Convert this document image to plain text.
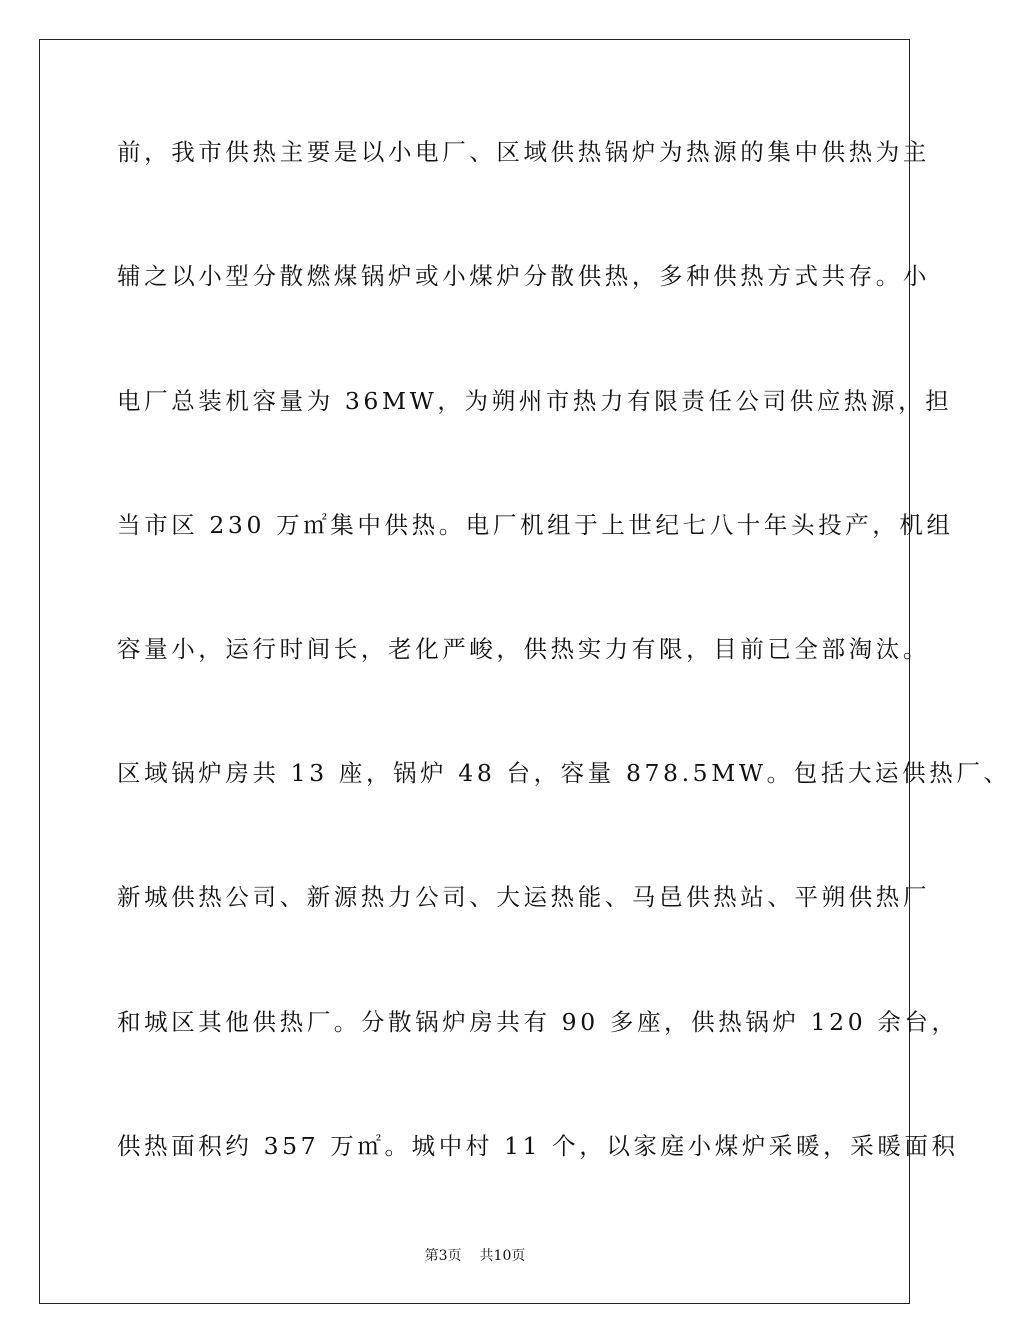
前，我市供热主要是以小电厂、区域供热锅炉为热源的集中供热为主

辅之以小型分散燃煤锅炉或小煤炉分散供热，多种供热方式共存。小

电厂总装机容量为 36MW，为朔州市热力有限责任公司供应热源，担

当市区 230 万㎡集中供热。电厂机组于上世纪七八十年头投产，机组

容量小，运行时间长，老化严峻，供热实力有限，目前已全部淘汰。

区域锅炉房共 13 座，锅炉 48 台，容量 878.5MW。包括大运供热厂、

新城供热公司、新源热力公司、大运热能、马邑供热站、平朔供热厂

和城区其他供热厂。分散锅炉房共有 90 多座，供热锅炉 120 余台，

供热面积约 357 万㎡。城中村 11 个，以家庭小煤炉采暖，采暖面积

第3页 共10页
